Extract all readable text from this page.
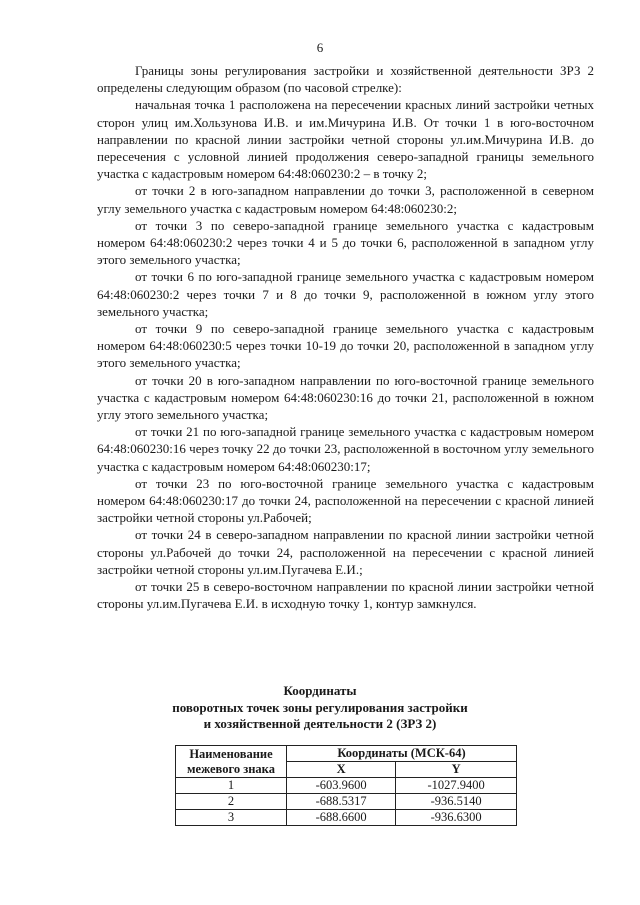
6

Границы зоны регулирования застройки и хозяйственной деятельности ЗРЗ 2 определены следующим образом (по часовой стрелке):

начальная точка 1 расположена на пересечении красных линий застройки четных сторон улиц им.Хользунова И.В. и им.Мичурина И.В. От точки 1 в юго-восточном направлении по красной линии застройки четной стороны ул.им.Мичурина И.В. до пересечения с условной линией продолжения северо-западной границы земельного участка с кадастровым номером 64:48:060230:2 – в точку 2;

от точки 2 в юго-западном направлении до точки 3, расположенной в северном углу земельного участка с кадастровым номером 64:48:060230:2;

от точки 3 по северо-западной границе земельного участка с кадастровым номером 64:48:060230:2 через точки 4 и 5 до точки 6, расположенной в западном углу этого земельного участка;

от точки 6 по юго-западной границе земельного участка с кадастровым номером 64:48:060230:2 через точки 7 и 8 до точки 9, расположенной в южном углу этого земельного участка;

от точки 9 по северо-западной границе земельного участка с кадастровым номером 64:48:060230:5 через точки 10-19 до точки 20, расположенной в западном углу этого земельного участка;

от точки 20 в юго-западном направлении по юго-восточной границе земельного участка с кадастровым номером 64:48:060230:16 до точки 21, расположенной в южном углу этого земельного участка;

от точки 21 по юго-западной границе земельного участка с кадастровым номером 64:48:060230:16 через точку 22 до точки 23, расположенной в восточном углу земельного участка с кадастровым номером 64:48:060230:17;

от точки 23 по юго-восточной границе земельного участка с кадастровым номером 64:48:060230:17 до точки 24, расположенной на пересечении с красной линией застройки четной стороны ул.Рабочей;

от точки 24 в северо-западном направлении по красной линии застройки четной стороны ул.Рабочей до точки 24, расположенной на пересечении с красной линией застройки четной стороны ул.им.Пугачева Е.И.;

от точки 25 в северо-восточном направлении по красной линии застройки четной стороны ул.им.Пугачева Е.И. в исходную точку 1, контур замкнулся.

Координаты
поворотных точек зоны регулирования застройки
и хозяйственной деятельности 2 (ЗРЗ 2)
Наименование межевого знака	Координаты (МСК-64)	
	X	Y
1	-603.9600	-1027.9400
2	-688.5317	-936.5140
3	-688.6600	-936.6300
